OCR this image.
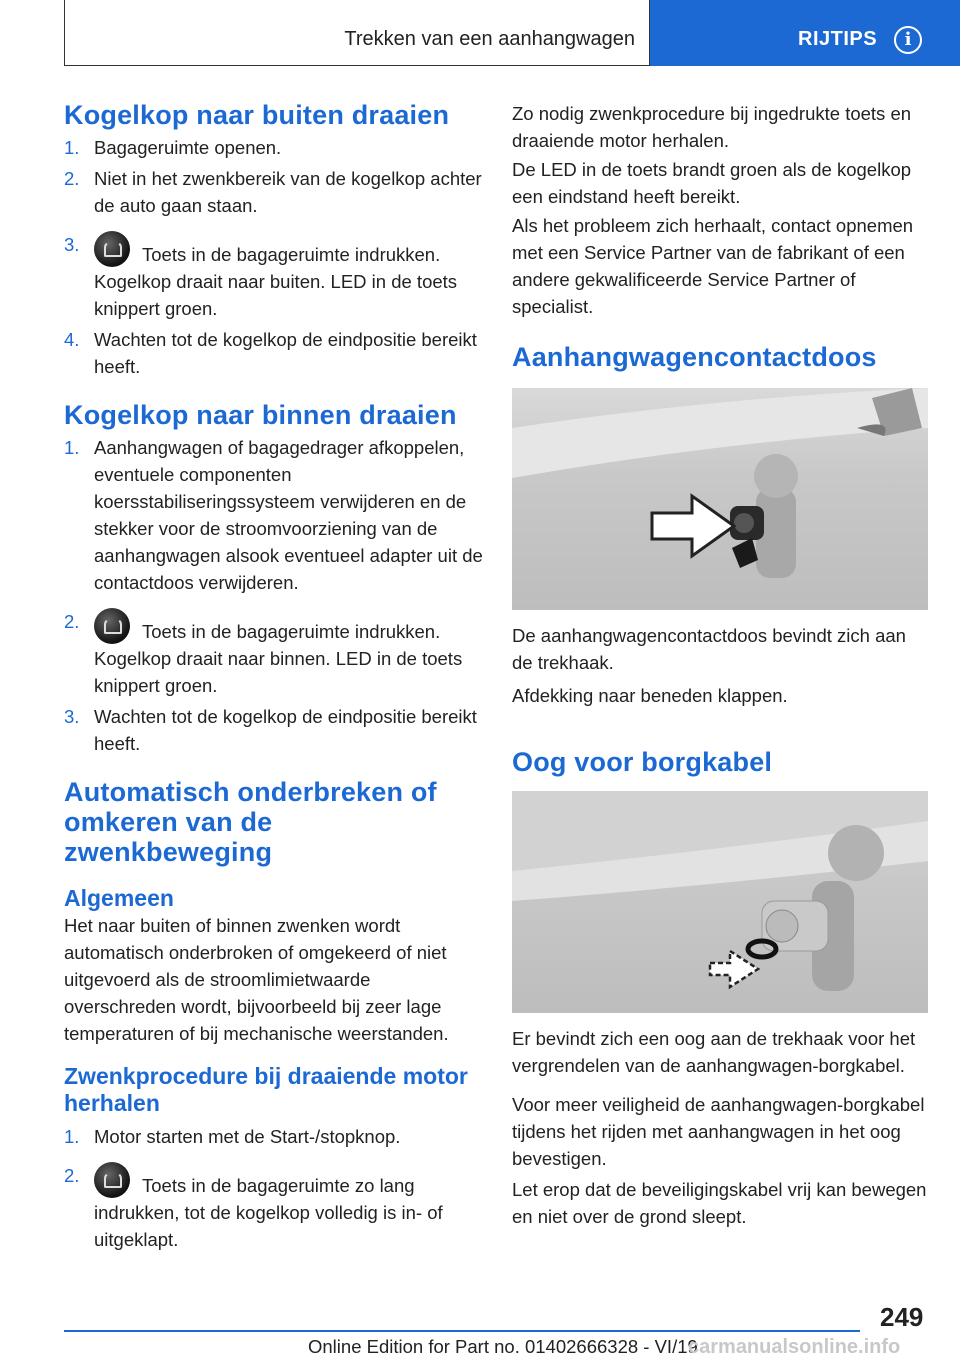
Trekken van een aanhangwagen	RIJTIPS	i
Kogelkop naar buiten draaien
1. Bagageruimte openen.
2. Niet in het zwenkbereik van de kogelkop achter de auto gaan staan.
3.	Toets in de bagageruimte indrukken.
Kogelkop draait naar buiten. LED in de toets knippert groen.
4. Wachten tot de kogelkop de eindpositie bereikt heeft.
Kogelkop naar binnen draaien
1. Aanhangwagen of bagagedrager afkoppelen, eventuele componenten koersstabiliseringssysteem verwijderen en de stekker voor de stroomvoorziening van de aanhangwagen alsook eventueel adapter uit de contactdoos verwijderen.
2.	Toets in de bagageruimte indrukken.
Kogelkop draait naar binnen. LED in de toets knippert groen.
3. Wachten tot de kogelkop de eindpositie bereikt heeft.
Automatisch onderbreken of omkeren van de zwenkbeweging
Algemeen

Het naar buiten of binnen zwenken wordt automatisch onderbroken of omgekeerd of niet uitgevoerd als de stroomlimietwaarde overschreden wordt, bijvoorbeeld bij zeer lage temperaturen of bij mechanische weerstanden.

Zwenkprocedure bij draaiende motor herhalen
1. Motor starten met de Start-/stopknop.
2.	Toets in de bagageruimte zo lang indrukken, tot de kogelkop volledig is in- of uitgeklapt.

Zo nodig zwenkprocedure bij ingedrukte toets en draaiende motor herhalen.

De LED in de toets brandt groen als de kogelkop een eindstand heeft bereikt.

Als het probleem zich herhaalt, contact opnemen met een Service Partner van de fabrikant of een andere gekwalificeerde Service Partner of specialist.

Aanhangwagencontactdoos

De aanhangwagencontactdoos bevindt zich aan de trekhaak.

Afdekking naar beneden klappen.

Oog voor borgkabel

Er bevindt zich een oog aan de trekhaak voor het vergrendelen van de aanhangwagen-borgkabel.

Voor meer veiligheid de aanhangwagen-borgkabel tijdens het rijden met aanhangwagen in het oog bevestigen.

Let erop dat de beveiligingskabel vrij kan bewegen en niet over de grond sleept.

249
Online Edition for Part no. 01402666328 - VI/19
carmanualsonline.info
